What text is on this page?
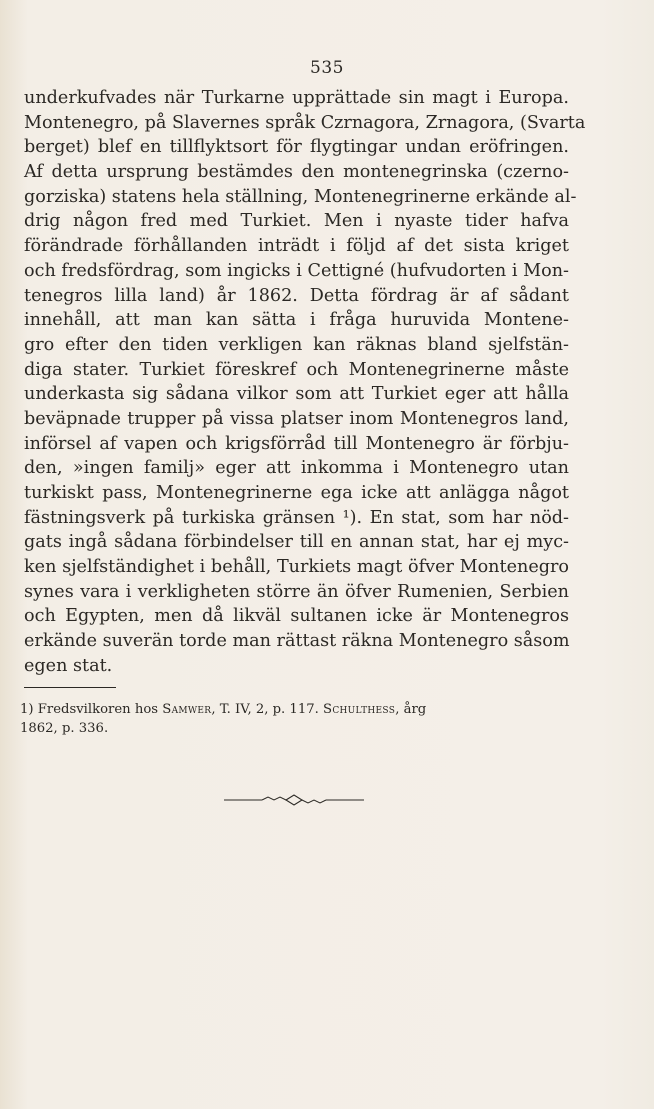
535
underkufvades när Turkarne upprättade sin magt i Europa.
Montenegro, på Slavernes språk Czrnagora, Zrnagora, (Svarta
berget) blef en tillflyktsort för flygtingar undan eröfringen.
Af detta ursprung bestämdes den montenegrinska (czerno-
gorziska) statens hela ställning, Montenegrinerne erkände al-
drig någon fred med Turkiet. Men i nyaste tider hafva
förändrade förhållanden inträdt i följd af det sista kriget
och fredsfördrag, som ingicks i Cettigné (hufvudorten i Mon-
tenegros lilla land) år 1862. Detta fördrag är af sådant
innehåll, att man kan sätta i fråga huruvida Montene-
gro efter den tiden verkligen kan räknas bland sjelfstän-
diga stater. Turkiet föreskref och Montenegrinerne måste
underkasta sig sådana vilkor som att Turkiet eger att hålla
beväpnade trupper på vissa platser inom Montenegros land,
införsel af vapen och krigsförråd till Montenegro är förbju-
den, »ingen familj» eger att inkomma i Montenegro utan
turkiskt pass, Montenegrinerne ega icke att anlägga något
fästningsverk på turkiska gränsen ¹). En stat, som har nöd-
gats ingå sådana förbindelser till en annan stat, har ej myc-
ken sjelfständighet i behåll, Turkiets magt öfver Montenegro
synes vara i verkligheten större än öfver Rumenien, Serbien
och Egypten, men då likväl sultanen icke är Montenegros
erkände suverän torde man rättast räkna Montenegro såsom
egen stat.
1) Fredsvilkoren hos Samwer, T. IV, 2, p. 117. Schulthess, årg
1862, p. 336.
